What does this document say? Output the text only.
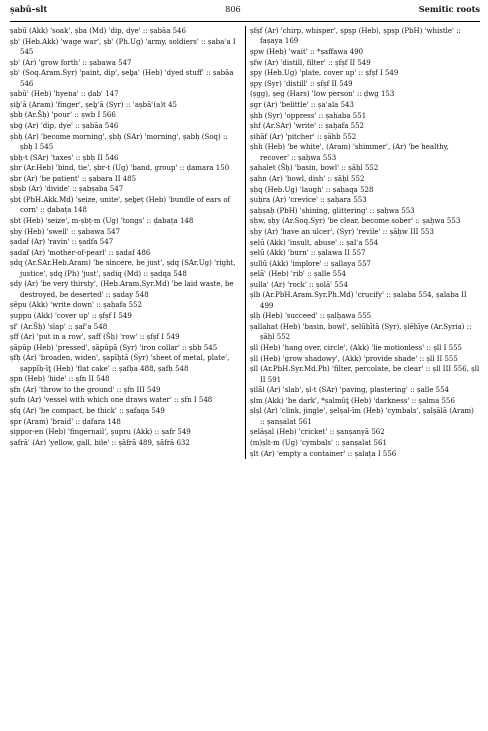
ṣabū–slt	806	Semitic roots

ṣabū (Akk) 'soak', ṣba (Md) 'dip, dye' :: ṣabāa 546

ṣbʾ (Heb.Akk) 'wage war', ṣbʾ (Ph.Ug) 'army, soldiers' :: ṣabaʾa I 545

ṣbʾ (Ar) 'grow forth' :: ṣabawa 547

ṣbʿ (Soq.Aram.Syr) 'paint, dip', ṣeḇaʿ (Heb) 'dyed stuff' :: ṣabāa 546

ṣabūʿ (Heb) 'hyena' :: ḍabʿ 147

ṣiḇʿā (Aram) 'finger', ṣeḇʿā (Syr) :: ʾaṣbāʿ(a)t 45

ṣbb (Ar.Šḥ) 'pour' :: ṣwb I 566

ṣbġ (Ar) 'dip, dye' :: ṣabāa 546

ṣbḥ (Ar) 'become morning', ṣbḥ (SAr) 'morning', ṣabḥ (Soq) :: ṣbḥ I 545

ṣbḥ-t (SAr) 'taxes' :: ṣbḥ II 546

ṣbr (Ar.Heb) 'bind, tie', ṣbr-t (Ug) 'band, group' :: ḍamara 150

ṣbr (Ar) 'be patient' :: ṣabara II 485

ṣbṣb (Ar) 'divide' :: ṣabṣaba 547

ṣbt (PbH.Akk.Md) 'seize, unite', ṣeḇeṭ (Heb) 'bundle of ears of corn' :: ḍabaṭa 148

ṣbt (Heb) 'seize', m-ṣbṭ-m (Ug) 'tongs' :: ḍabaṭa 148

ṣby (Heb) 'swell' :: ṣabawa 547

ṣadaf (Ar) 'ravin' :: ṣadfa 547

ṣadaf (Ar) 'mother-of-pearl' :: ṣadaf 486

ṣdq (Ar.SAr.Heb.Aram) 'be sincere, be just', ṣdq (SAr.Ug) 'right, justice', ṣdq (Ph) 'just', ṣadiq (Md) :: ṣadqa 548

ṣdy (Ar) 'be very thirsty', (Heb.Aram.Syr.Md) 'be laid waste, be destroyed, be deserted' :: ṣaday 548

ṣēpu (Akk) 'write down' :: ṣaḥafa 552

ṣuppu (Akk) 'cover up' :: ṣfṣf I 549

ṣfʿ (Ar.Šḥ) 'slap' :: ṣafʿa 548

ṣff (Ar) 'put in a row', ṣaff (Šḥ) 'row' :: ṣfṣf I 549

ṣāpūp (Heb) 'pressed', ṣāpūpā (Syr) 'iron collar' :: ṣbb 545

ṣfḥ (Ar) 'broaden, widen', ṣapīḥtā (Syr) 'sheet of metal, plate', ṣappīḥ-īṯ (Heb) 'flat cake' :: ṣafḥa 488, ṣafḥ 548

ṣpn (Heb) 'hide' :: ṣfn II 548

ṣfn (Ar) 'throw to the ground' :: ṣfn III 549

ṣufn (Ar) 'vessel with which one draws water' :: ṣfn I 548

ṣfq (Ar) 'be compact, be thick' :: ṣafaqa 549

ṣpr (Aram) 'braid' :: ḍafara 148

ṣippor-en (Heb) 'fingernail', ṣupru (Akk) :: ṣafr 549

ṣafrāʾ (Ar) 'yellow, gall, bile' :: ṣāfrā 489, ṣāfrā 632

ṣfṣf (Ar) 'chirp, whisper', ṣpṣp (Heb), ṣpṣp (PbH) 'whistle' :: faṣaya 169

ṣpw (Heb) 'wait' :: *ṣaffawa 490

ṣfw (Ar) 'distill, filter' :: ṣfṣf II 549

ṣpy (Heb.Ug) 'plate, cover up' :: ṣfṣf I 549

ṣpy (Syr) 'distill' :: ṣfṣf II 549

(ṣgg), ṣeg (Hars) 'low person' :: ḍwg 153

ṣgr (Ar) 'belittle' :: ṣaʿala 543

ṣhb (Syr) 'oppress' :: ṣahaba 551

ṣhf (Ar.SAr) 'write' :: ṣaḥafa 552

ṣihāf (Ar) 'pitcher' :: ṣāhb 552

ṣhh (Heb) 'be white', (Aram) 'shimmer', (Ar) 'be healthy, recover' :: ṣaḥwa 553

ṣahalet (Šḥ) 'basin, bowl' :: ṣāḥl 552

ṣahn (Ar) 'bowl, dish' :: ṣāḥl 552

ṣḥq (Heb.Ug) 'laugh' :: ṣaḥaqa 528

ṣuḥra (Ar) 'crevice' :: ṣaḥara 553

ṣaḥṣaḥ (PbH) 'shining, glittering' :: ṣaḥwa 553

ṣḥw, ṣḥy (Ar.Soq.Syr) 'be clear, become sober' :: ṣaḥwa 553

ṣḥy (Ar) 'have an ulcer', (Syr) 'revile' :: ṣāḥw III 553

ṣelū (Akk) 'insult, abuse' :: ṣalʿa 554

ṣelū (Akk) 'burn' :: ṣalawa II 557

ṣullū (Akk) 'implore' :: ṣallaya 557

ṣelāʿ (Heb) 'rib' :: ṣalle 554

ṣullaʿ (Ar) 'rock' :: ṣolāʿ 554

ṣlb (Ar.PbH.Aram.Syr.Ph.Md) 'crucify' :: ṣalaba 554, ṣalaba II 499

ṣlḥ (Heb) 'succeed' :: ṣalḥawa 555

ṣallahat (Heb) 'basin, bowl', ṣelūḥītā (Syr), ṣlēḥīye (Ar.Syria) :: ṣāḥl 552

ṣll (Heb) 'hang over, circle', (Akk) 'lie motionless' :: ṣll I 555

ṣll (Heb) 'grow shadowy', (Akk) 'provide shade' :: ṣll II 555

ṣll (Ar.PbH.Syr.Md.Ph) 'filter, percolate, be clear' :: ṣll III 556, ṣll II 591

ṣilāl (Ar) 'slab', ṣl-t (SAr) 'paving, plastering' :: ṣalle 554

ṣlm (Akk) 'be dark', *ṣalmūṯ (Heb) 'darkness' :: ṣalma 556

ṣlṣl (Ar) 'clink, jingle', ṣelṣal-īm (Heb) 'cymbals', ṣalṣālā (Aram) :: ṣanṣalat 561

ṣelāṣal (Heb) 'cricket' :: ṣanṣanyā 562

(m)ṣlt-m (Ug) 'cymbals' :: ṣanṣalat 561

ṣlt (Ar) 'empty a container' :: ṣalaṭa I 556
